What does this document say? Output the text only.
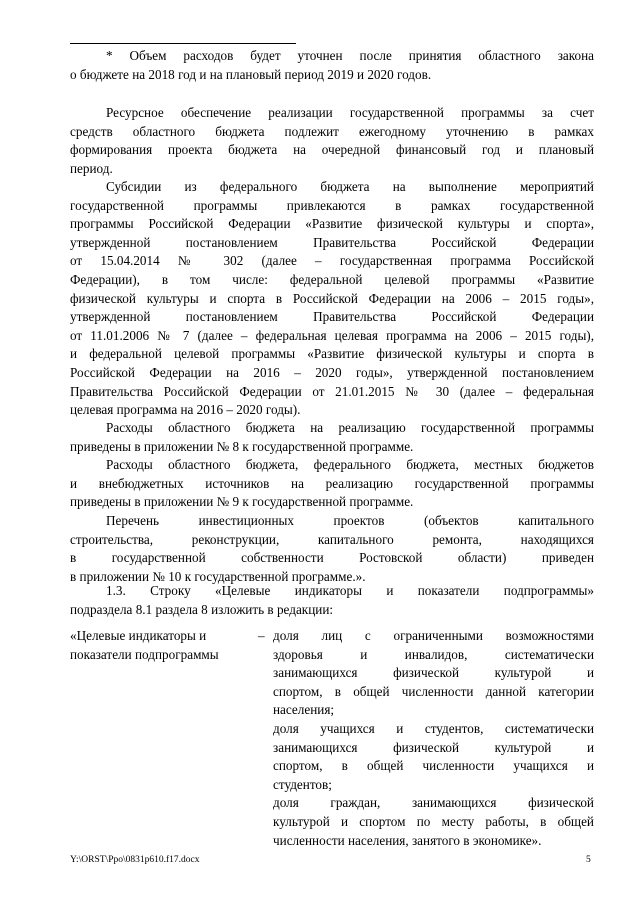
* Объем расходов будет уточнен после принятия областного закона
о бюджете на 2018 год и на плановый период 2019 и 2020 годов.
Ресурсное обеспечение реализации государственной программы за счет
средств областного бюджета подлежит ежегодному уточнению в рамках
формирования проекта бюджета на очередной финансовый год и плановый
период.
Субсидии из федерального бюджета на выполнение мероприятий
государственной программы привлекаются в рамках государственной
программы Российской Федерации «Развитие физической культуры и спорта»,
утвержденной постановлением Правительства Российской Федерации
от 15.04.2014 № 302 (далее – государственная программа Российской
Федерации), в том числе: федеральной целевой программы «Развитие
физической культуры и спорта в Российской Федерации на 2006 – 2015 годы»,
утвержденной постановлением Правительства Российской Федерации
от 11.01.2006 № 7 (далее – федеральная целевая программа на 2006 – 2015 годы),
и федеральной целевой программы «Развитие физической культуры и спорта в
Российской Федерации на 2016 – 2020 годы», утвержденной постановлением
Правительства Российской Федерации от 21.01.2015 № 30 (далее – федеральная
целевая программа на 2016 – 2020 годы).
Расходы областного бюджета на реализацию государственной программы
приведены в приложении № 8 к государственной программе.
Расходы областного бюджета, федерального бюджета, местных бюджетов
и внебюджетных источников на реализацию государственной программы
приведены в приложении № 9 к государственной программе.
Перечень инвестиционных проектов (объектов капитального
строительства, реконструкции, капитального ремонта, находящихся
в государственной собственности Ростовской области) приведен
в приложении № 10 к государственной программе.».
1.3. Строку «Целевые индикаторы и показатели подпрограммы»
подраздела 8.1 раздела 8 изложить в редакции:
«Целевые индикаторы и
показатели подпрограммы
– доля лиц с ограниченными возможностями
здоровья и инвалидов, систематически
занимающихся физической культурой и
спортом, в общей численности данной категории
населения;
доля учащихся и студентов, систематически
занимающихся физической культурой и
спортом, в общей численности учащихся и
студентов;
доля граждан, занимающихся физической
культурой и спортом по месту работы, в общей
численности населения, занятого в экономике».
Y:\ORST\Ppo\0831p610.f17.docx	5
